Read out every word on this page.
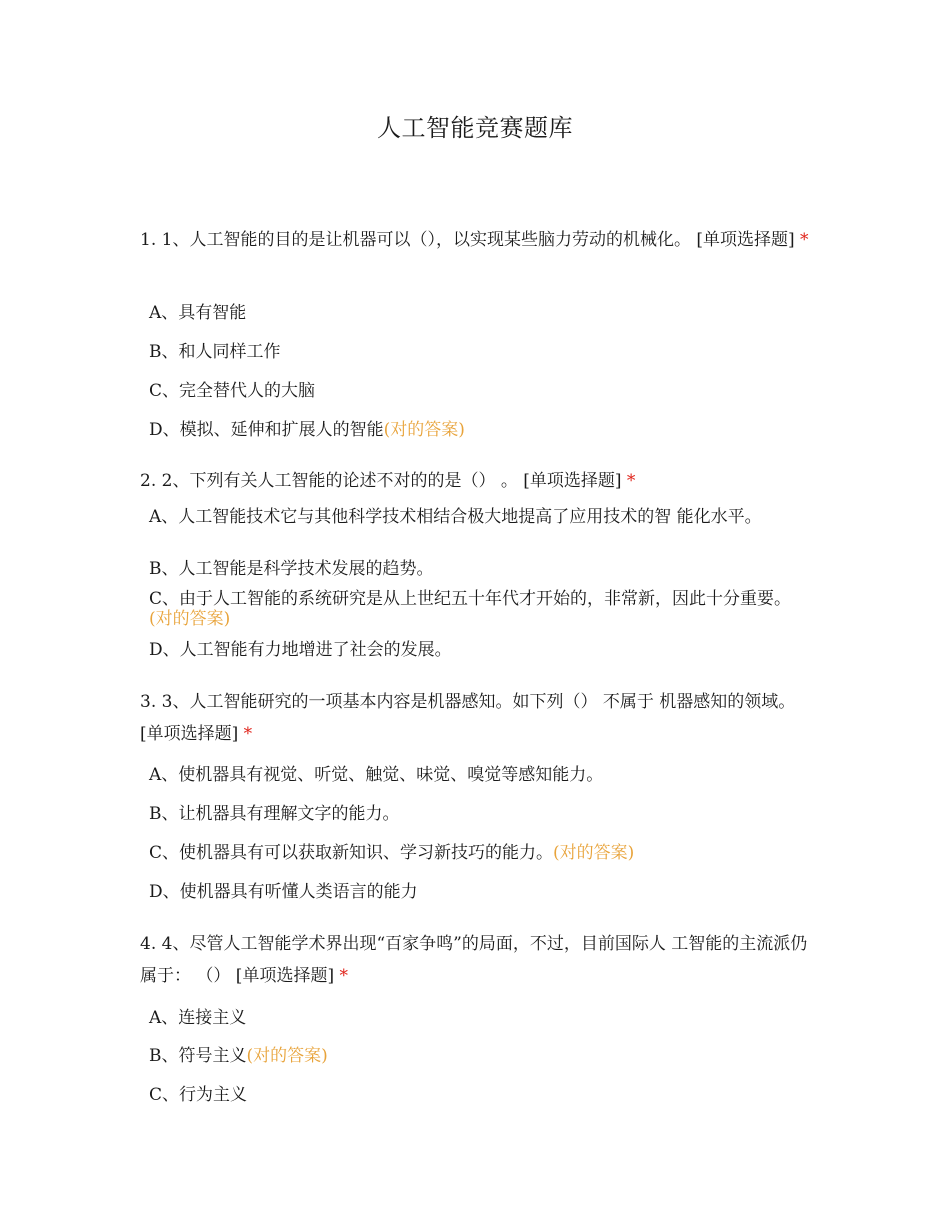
人工智能竞赛题库
1. 1、人工智能的目的是让机器可以（），以实现某些脑力劳动的机械化。 [单项选择题] *
A、具有智能
B、和人同样工作
C、完全替代人的大脑
D、模拟、延伸和扩展人的智能(对的答案)
2. 2、下列有关人工智能的论述不对的的是（） 。 [单项选择题] *
A、人工智能技术它与其他科学技术相结合极大地提高了应用技术的智 能化水平。
B、人工智能是科学技术发展的趋势。
C、由于人工智能的系统研究是从上世纪五十年代才开始的，非常新，因此十分重要。(对的答案)
D、人工智能有力地增进了社会的发展。
3. 3、人工智能研究的一项基本内容是机器感知。如下列（） 不属于 机器感知的领域。 [单项选择题] *
A、使机器具有视觉、听觉、触觉、味觉、嗅觉等感知能力。
B、让机器具有理解文字的能力。
C、使机器具有可以获取新知识、学习新技巧的能力。(对的答案)
D、使机器具有听懂人类语言的能力
4. 4、尽管人工智能学术界出现“百家争鸣”的局面，不过，目前国际人 工智能的主流派仍属于： （） [单项选择题] *
A、连接主义
B、符号主义(对的答案)
C、行为主义
